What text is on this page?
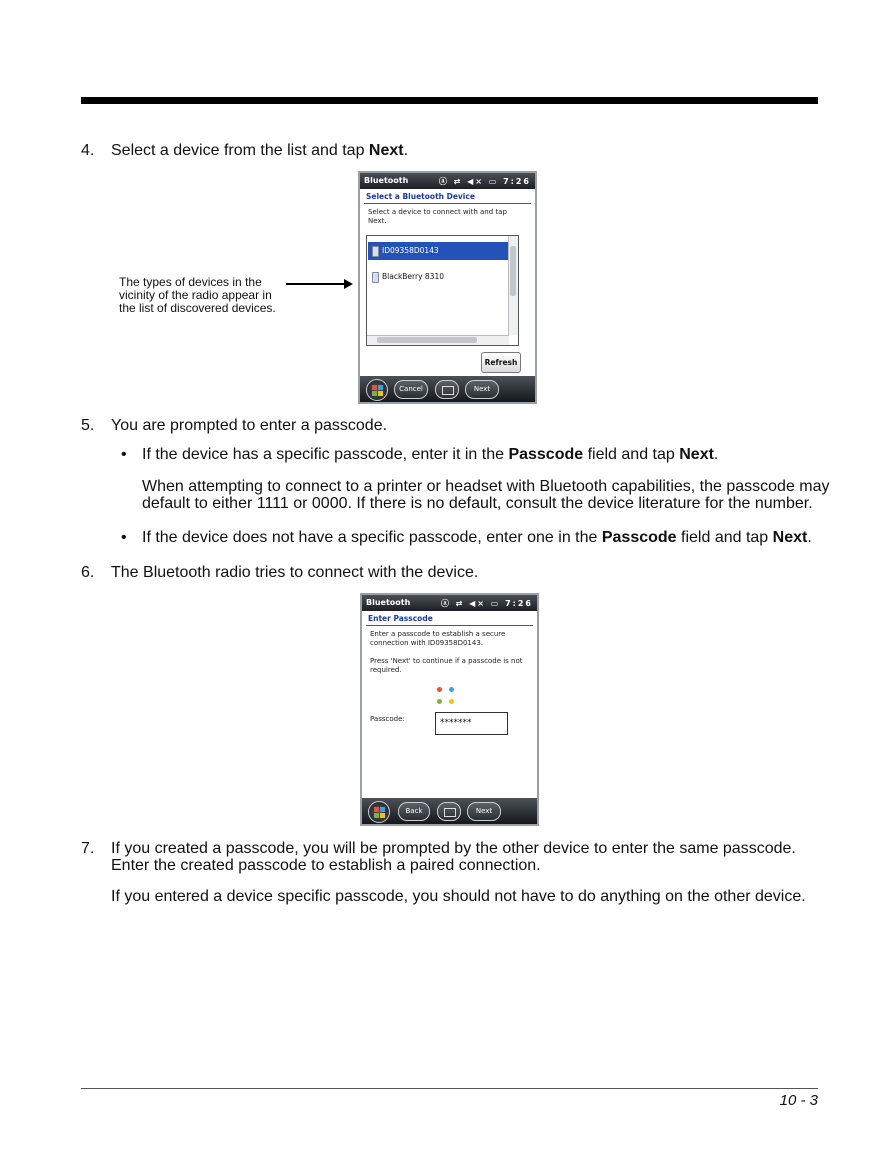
4. Select a device from the list and tap Next.
Bluetooth	ⓐ ⇄ ◀× ▭ 7:26
Select a Bluetooth Device
Select a device to connect with and tap
Next.
ID09358D0143
BlackBerry 8310
Refresh
Cancel	Next
The types of devices in the
vicinity of the radio appear in
the list of discovered devices.
5. You are prompted to enter a passcode.
• If the device has a specific passcode, enter it in the Passcode field and tap Next.
When attempting to connect to a printer or headset with Bluetooth capabilities, the passcode may
default to either 1111 or 0000. If there is no default, consult the device literature for the number.
• If the device does not have a specific passcode, enter one in the Passcode field and tap Next.
6. The Bluetooth radio tries to connect with the device.
Bluetooth	ⓐ ⇄ ◀× ▭ 7:26
Enter Passcode
Enter a passcode to establish a secure
connection with ID09358D0143.
Press 'Next' to continue if a passcode is not
required.
Passcode:	*******
Back	Next
7. If you created a passcode, you will be prompted by the other device to enter the same passcode.
Enter the created passcode to establish a paired connection.
If you entered a device specific passcode, you should not have to do anything on the other device.
10 - 3
